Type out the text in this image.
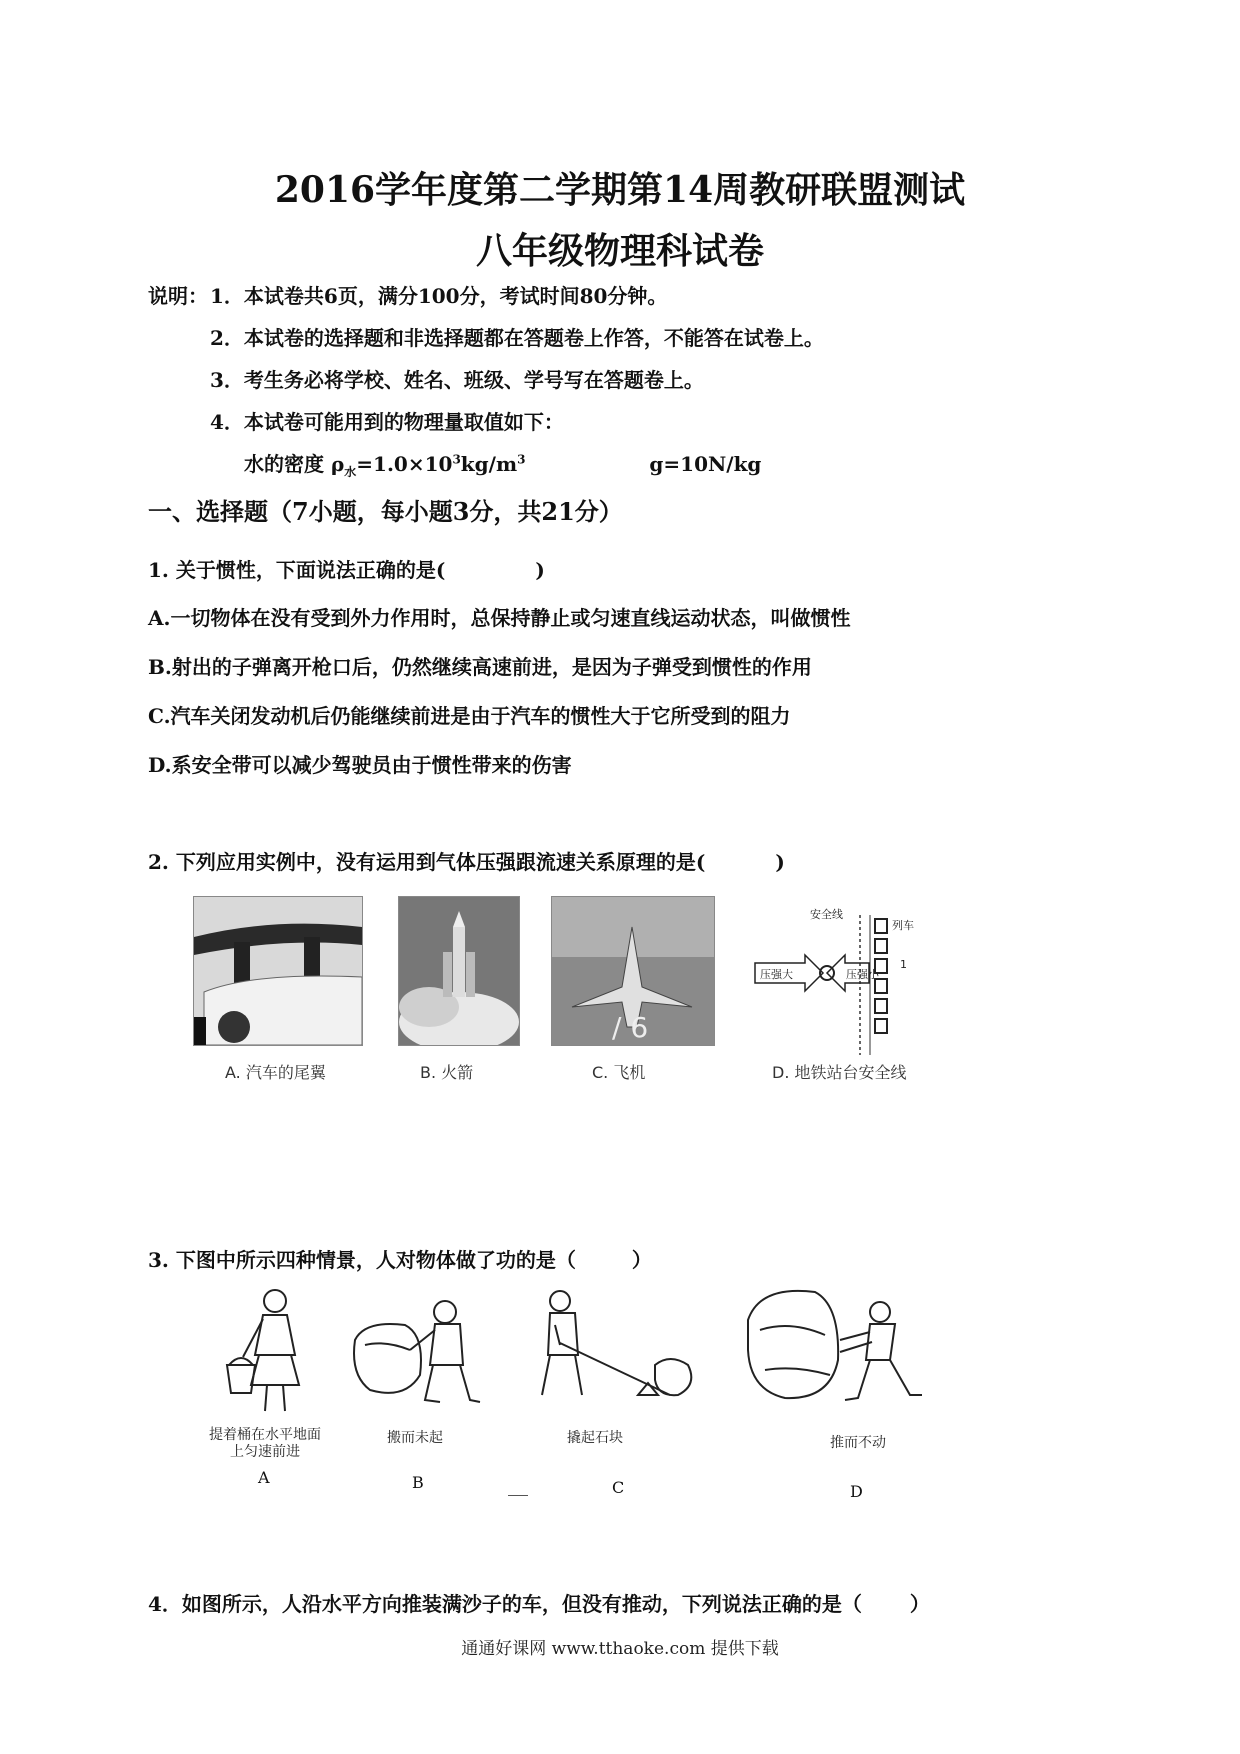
2016学年度第二学期第14周教研联盟测试
八年级物理科试卷
说明： 1．本试卷共6页，满分100分，考试时间80分钟。
2．本试卷的选择题和非选择题都在答题卷上作答，不能答在试卷上。
3．考生务必将学校、姓名、班级、学号写在答题卷上。
4．本试卷可能用到的物理量取值如下：
水的密度 $\rho_水=1.0\times 10^3kg/m^3$	g=10N/kg
一、选择题（7小题，每小题3分，共21分）
1. 关于惯性，下面说法正确的是(	)
A.一切物体在没有受到外力作用时，总保持静止或匀速直线运动状态，叫做惯性
B.射出的子弹离开枪口后，仍然继续高速前进，是因为子弹受到惯性的作用
C.汽车关闭发动机后仍能继续前进是由于汽车的惯性大于它所受到的阻力
D.系安全带可以减少驾驶员由于惯性带来的伤害
2. 下列应用实例中，没有运用到气体压强跟流速关系原理的是(	)
/ 6
安全线
列车
压强大	压强小
1
A. 汽车的尾翼	B. 火箭	C. 飞机	D. 地铁站台安全线
3. 下图中所示四种情景，人对物体做了功的是（	）
提着桶在水平地面
上匀速前进
搬而未起	撬起石块	推而不动
A	B	C	D
4．如图所示，人沿水平方向推装满沙子的车，但没有推动，下列说法正确的是（ ）
通通好课网 www.tthaoke.com 提供下载
